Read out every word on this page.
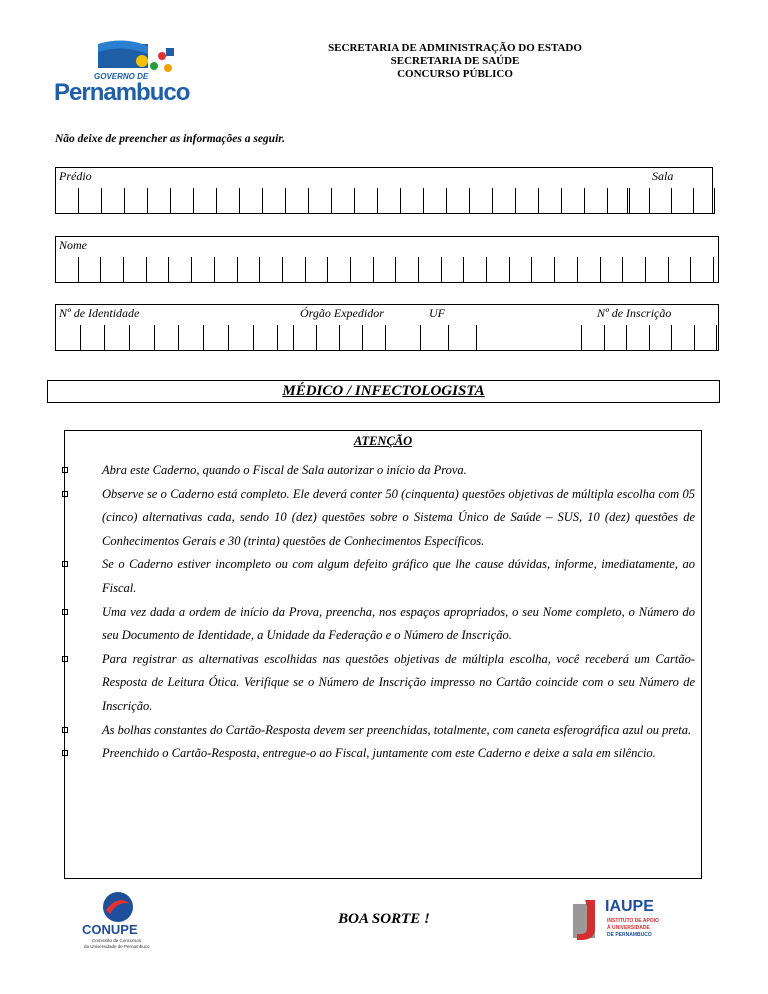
GOVERNO DE
Pernambuco
SECRETARIA DE ADMINISTRAÇÃO DO ESTADO
SECRETARIA DE SAÚDE
CONCURSO PÚBLICO
Não deixe de preencher as informações a seguir.
Prédio	Sala
Nome
Nº de Identidade	Órgão Expedidor	UF	Nº de Inscrição
MÉDICO / INFECTOLOGISTA
ATENÇÃO
Abra este Caderno, quando o Fiscal de Sala autorizar o início da Prova.
Observe se o Caderno está completo. Ele deverá conter 50 (cinquenta) questões objetivas de múltipla escolha com 05 (cinco) alternativas cada, sendo 10 (dez) questões sobre o Sistema Único de Saúde – SUS, 10 (dez) questões de Conhecimentos Gerais e 30 (trinta) questões de Conhecimentos Específicos.
Se o Caderno estiver incompleto ou com algum defeito gráfico que lhe cause dúvidas, informe, imediatamente, ao Fiscal.
Uma vez dada a ordem de início da Prova, preencha, nos espaços apropriados, o seu Nome completo, o Número do seu Documento de Identidade, a Unidade da Federação e o Número de Inscrição.
Para registrar as alternativas escolhidas nas questões objetivas de múltipla escolha, você receberá um Cartão-Resposta de Leitura Ótica. Verifique se o Número de Inscrição impresso no Cartão coincide com o seu Número de Inscrição.
As bolhas constantes do Cartão-Resposta devem ser preenchidas, totalmente, com caneta esferográfica azul ou preta.
Preenchido o Cartão-Resposta, entregue-o ao Fiscal, juntamente com este Caderno e deixe a sala em silêncio.
CONUPE
Comissão de Concursos
da Universidade de Pernambuco
BOA SORTE !
IAUPE
INSTITUTO DE APOIO
À UNIVERSIDADE
DE PERNAMBUCO
